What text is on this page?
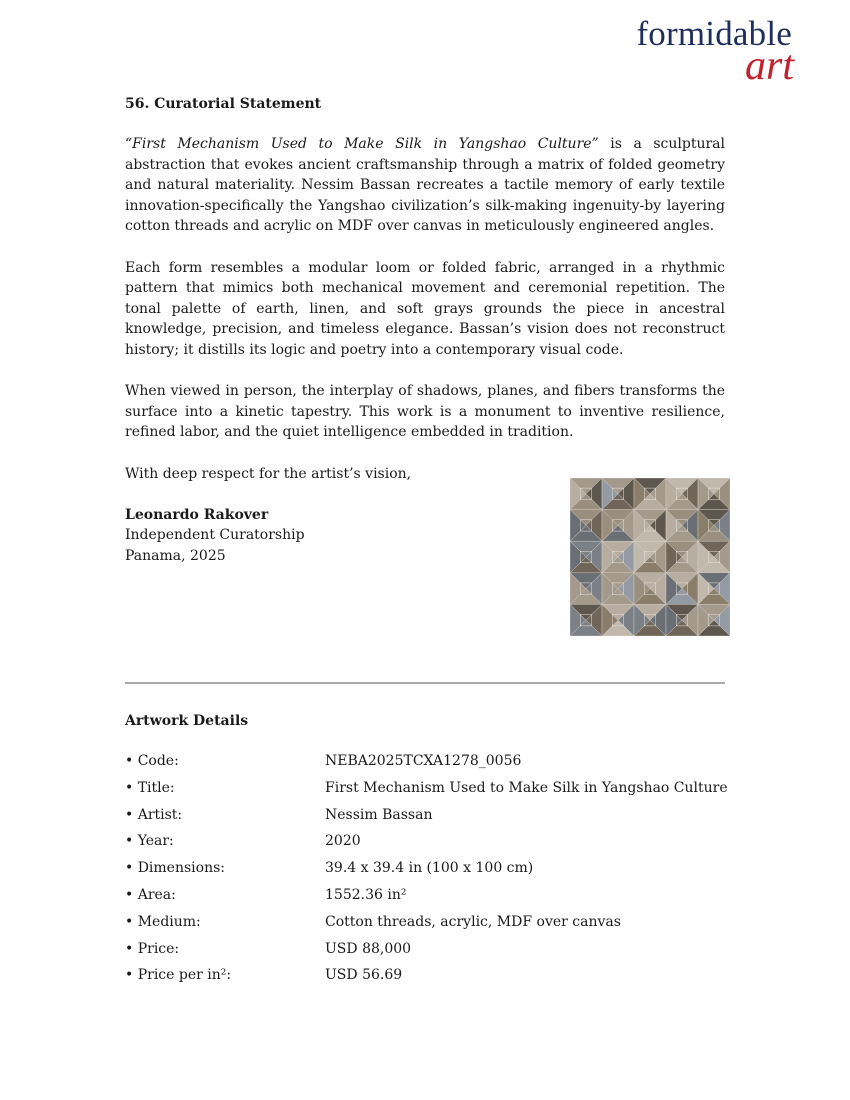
formidable
art
56. Curatorial Statement

“First Mechanism Used to Make Silk in Yangshao Culture” is a sculptural abstraction that evokes ancient craftsmanship through a matrix of folded geometry and natural materiality. Nessim Bassan recreates a tactile memory of early textile innovation-specifically the Yangshao civilization’s silk-making ingenuity-by layering cotton threads and acrylic on MDF over canvas in meticulously engineered angles.

Each form resembles a modular loom or folded fabric, arranged in a rhythmic pattern that mimics both mechanical movement and ceremonial repetition. The tonal palette of earth, linen, and soft grays grounds the piece in ancestral knowledge, precision, and timeless elegance. Bassan’s vision does not reconstruct history; it distills its logic and poetry into a contemporary visual code.

When viewed in person, the interplay of shadows, planes, and fibers transforms the surface into a kinetic tapestry. This work is a monument to inventive resilience, refined labor, and the quiet intelligence embedded in tradition.

With deep respect for the artist’s vision,

Leonardo Rakover
Independent Curatorship
Panama, 2025
Artwork Details
• Code:	NEBA2025TCXA1278_0056
• Title:	First Mechanism Used to Make Silk in Yangshao Culture
• Artist:	Nessim Bassan
• Year:	2020
• Dimensions:	39.4 x 39.4 in (100 x 100 cm)
• Area:	1552.36 in²
• Medium:	Cotton threads, acrylic, MDF over canvas
• Price:	USD 88,000
• Price per in²:	USD 56.69
